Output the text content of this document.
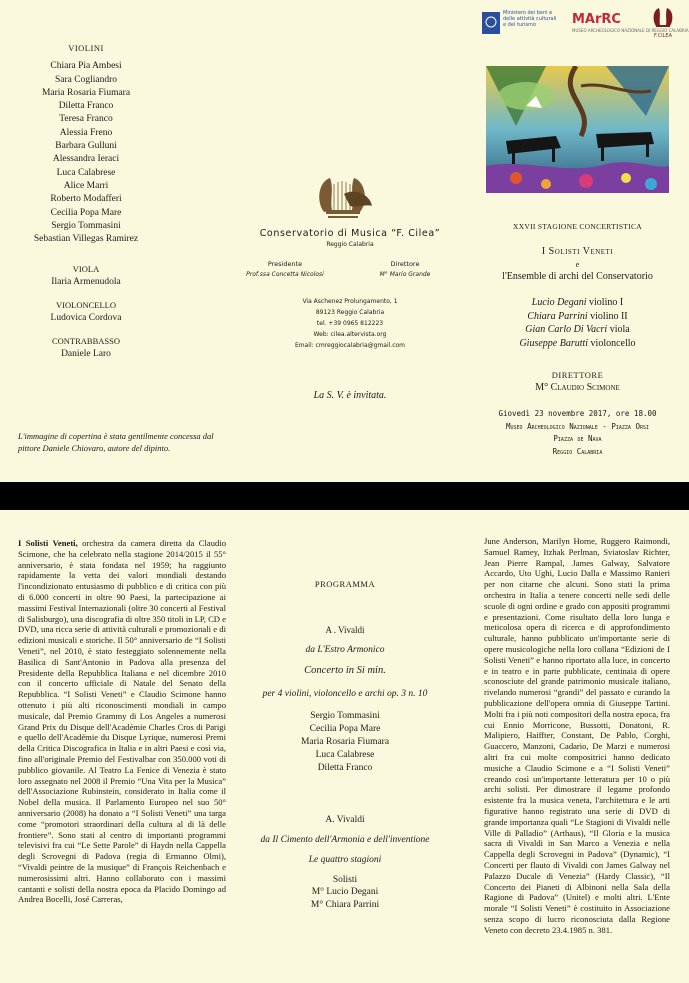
VIOLINI
Chiara Pia Ambesi
Sara Cogliandro
Maria Rosaria Fiumara
Diletta Franco
Teresa Franco
Alessia Freno
Barbara Gulluni
Alessandra Ieraci
Luca Calabrese
Alice Marri
Roberto Modafferi
Cecilia Popa Mare
Sergio Tommasini
Sebastian Villegas Ramirez
VIOLA
Ilaria Armenudola
VIOLONCELLO
Ludovica Cordova
CONTRABBASSO
Daniele Laro
L'immagine di copertina è stata gentilmente concessa dal pittore Daniele Chiovaro, autore del dipinto.
Conservatorio di Musica “F. Cilea”
Reggio Calabria
Presidente
Prof.ssa Concetta Nicolosi
Direttore
M° Mario Grande
Via Aschenez Prolungamento, 1
89123 Reggio Calabria
tel. +39 0965 812223
Web: cilea.altervista.org
Email: cmreggiocalabria@gmail.com
La S. V. è invitata.
Ministero dei beni e delle attività culturali e del turismo	MArRC
MUSEO ARCHEOLOGICO NAZIONALE DI REGGIO CALABRIA
F.CILEA
XXVII STAGIONE CONCERTISTICA
I Solisti Veneti
e
l'Ensemble di archi del Conservatorio
Lucio Degani violino I
Chiara Parrini violino II
Gian Carlo Di Vacri viola
Giuseppe Barutti violoncello
DIRETTORE
M° Claudio Scimone
Giovedì 23 novembre 2017, ore 18.00
Museo Archeologico Nazionale - Piazza Orsi
Piazza de Nava
Reggio Calabria
I Solisti Veneti, orchestra da camera diretta da Claudio Scimone, che ha celebrato nella stagione 2014/2015 il 55° anniversario, è stata fondata nel 1959; ha raggiunto rapidamente la vetta dei valori mondiali destando l'incondizionato entusiasmo di pubblico e di critica con più di 6.000 concerti in oltre 90 Paesi, la partecipazione ai massimi Festival Internazionali (oltre 30 concerti al Festival di Salisburgo), una discografia di oltre 350 titoli in LP, CD e DVD, una ricca serie di attività culturali e promozionali e di edizioni musicali e storiche. Il 50° anniversario de “I Solisti Veneti”, nel 2010, è stato festeggiato solennemente nella Basilica di Sant'Antonio in Padova alla presenza del Presidente della Repubblica Italiana e nel dicembre 2010 con il concerto ufficiale di Natale del Senato della Repubblica. “I Solisti Veneti” e Claudio Scimone hanno ottenuto i più alti riconoscimenti mondiali in campo musicale, dal Premio Grammy di Los Angeles a numerosi Grand Prix du Disque dell'Académie Charles Cros di Parigi e quello dell'Académie du Disque Lyrique, numerosi Premi della Critica Discografica in Italia e in altri Paesi e così via, fino all'originale Premio del Festivalbar con 350.000 voti di pubblico giovanile. Al Teatro La Fenice di Venezia è stato loro assegnato nel 2008 il Premio “Una Vita per la Musica” dell'Associazione Rubinstein, considerato in Italia come il Nobel della musica. Il Parlamento Europeo nel suo 50° anniversario (2008) ha donato a “I Solisti Veneti” una targa come “promotori straordinari della cultura al di là delle frontiere”. Sono stati al centro di importanti programmi televisivi fra cui “Le Sette Parole” di Haydn nella Cappella degli Scrovegni di Padova (regia di Ermanno Olmi), “Vivaldi peintre de la musique” di François Reichenbach e numerosissimi altri. Hanno collaborato con i massimi cantanti e solisti della nostra epoca da Placido Domingo ad Andrea Bocelli, José Carreras,
PROGRAMMA
A . Vivaldi
da L'Estro Armonico
Concerto in Si min.
per 4 violini, violoncello e archi op. 3 n. 10
Sergio Tommasini
Cecilia Popa Mare
Maria Rosaria Fiumara
Luca Calabrese
Diletta Franco
A. Vivaldi
da Il Cimento dell'Armonia e dell'inventione
Le quattro stagioni
Solisti
M° Lucio Degani
M° Chiara Parrini
June Anderson, Marilyn Horne, Ruggero Raimondi, Samuel Ramey, Itzhak Perlman, Sviatoslav Richter, Jean Pierre Rampal, James Galway, Salvatore Accardo, Uto Ughi, Lucio Dalla e Massimo Ranieri per non citarne che alcuni. Sono stati la prima orchestra in Italia a tenere concerti nelle sedi delle scuole di ogni ordine e grado con appositi programmi e presentazioni. Come risultato della loro lunga e meticolosa opera di ricerca e di approfondimento culturale, hanno pubblicato un'importante serie di opere musicologiche nella loro collana “Edizioni de I Solisti Veneti” e hanno riportato alla luce, in concerto e in teatro e in parte pubblicate, centinaia di opere sconosciute del grande patrimonio musicale italiano, rivelando numerosi “grandi” del passato e curando la pubblicazione dell'opera omnia di Giuseppe Tartini. Molti fra i più noti compositori della nostra epoca, fra cui Ennio Morricone, Bussotti, Donatoni, R. Malipiero, Haiffter, Constant, De Pablo, Corghi, Guaccero, Manzoni, Cadario, De Marzi e numerosi altri fra cui molte compositrici hanno dedicato musiche a Claudio Scimone e a “I Solisti Veneti” creando così un'importante letteratura per 10 o più archi solisti. Per dimostrare il legame profondo esistente fra la musica veneta, l'architettura e le arti figurative hanno registrato una serie di DVD di grande importanza quali “Le Stagioni di Vivaldi nelle Ville di Palladio” (Arthaus), “Il Gloria e la musica sacra di Vivaldi in San Marco a Venezia e nella Cappella degli Scrovegni in Padova” (Dynamic), “I Concerti per flauto di Vivaldi con James Galway nel Palazzo Ducale di Venezia” (Hardy Classic), “Il Concerto dei Pianeti di Albinoni nella Sala della Ragione di Padova” (Unitel) e molti altri. L'Ente morale “I Solisti Veneti” è costituito in Associazione senza scopo di lucro riconosciuta dalla Regione Veneto con decreto 23.4.1985 n. 381.
